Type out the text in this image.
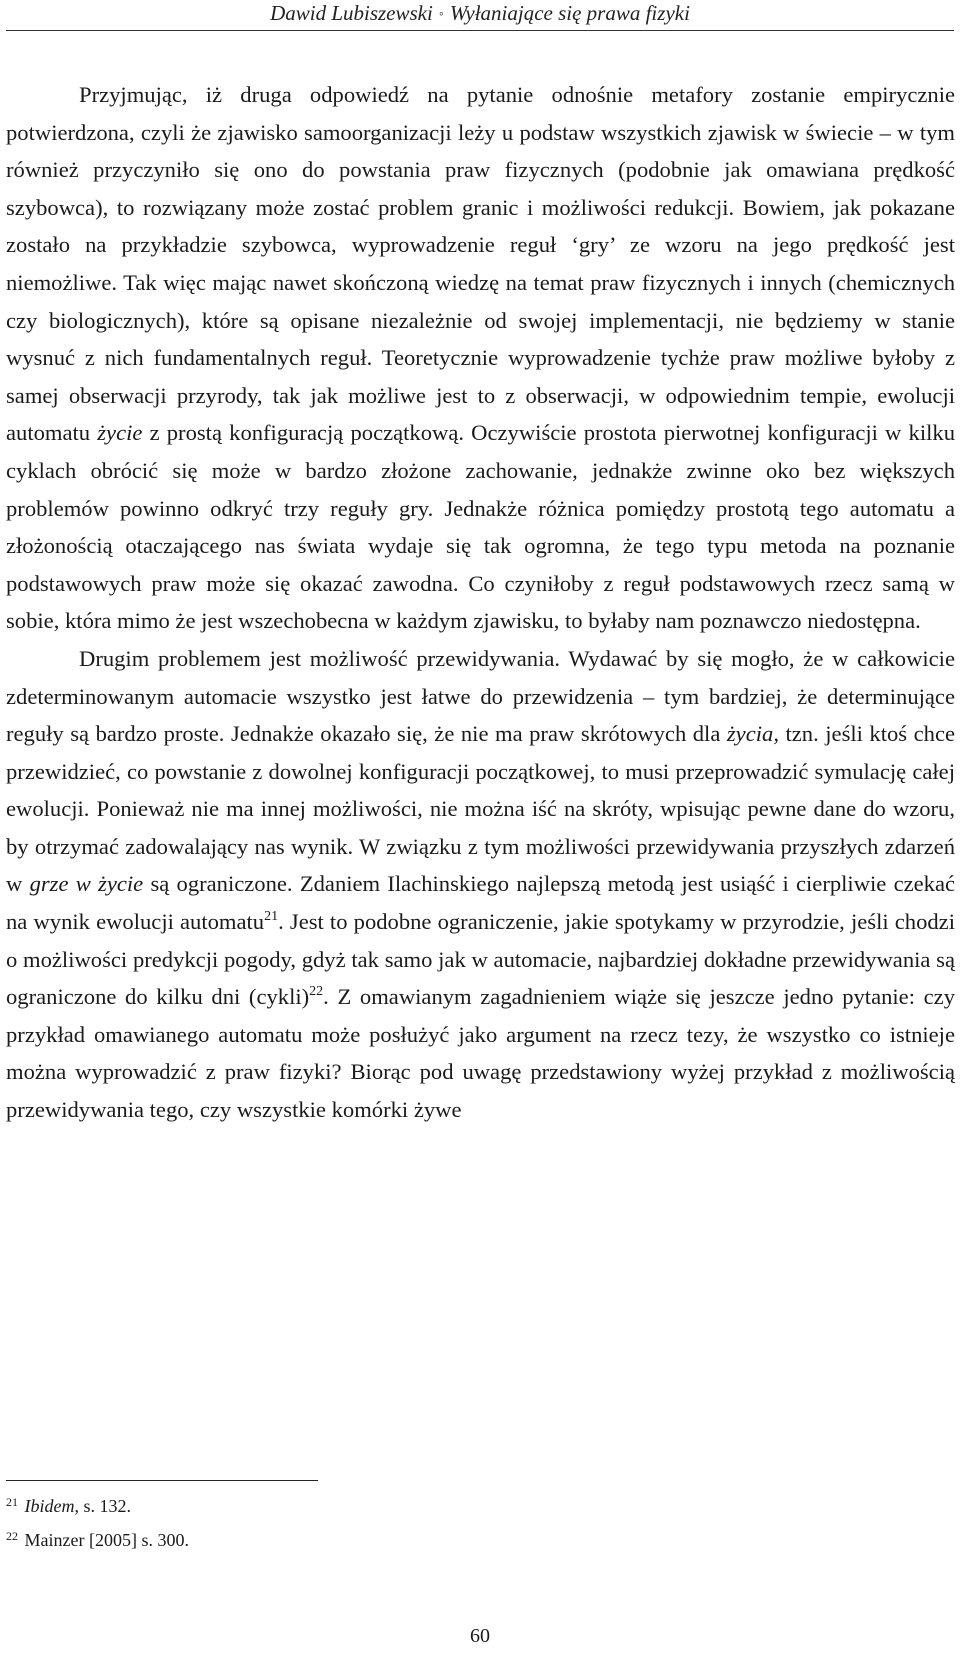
Dawid Lubiszewski ◦ Wyłaniające się prawa fizyki

Przyjmując, iż druga odpowiedź na pytanie odnośnie metafory zostanie empirycznie potwierdzona, czyli że zjawisko samoorganizacji leży u podstaw wszystkich zjawisk w świecie – w tym również przyczyniło się ono do powstania praw fizycznych (podobnie jak omawiana prędkość szybowca), to rozwiązany może zostać problem granic i możliwości redukcji. Bowiem, jak pokazane zostało na przykładzie szybowca, wyprowadzenie reguł ‘gry’ ze wzoru na jego prędkość jest niemożliwe. Tak więc mając nawet skończoną wiedzę na temat praw fizycznych i innych (chemicznych czy biologicznych), które są opisane niezależnie od swojej implementacji, nie będziemy w stanie wysnuć z nich fundamentalnych reguł. Teoretycznie wyprowadzenie tychże praw możliwe byłoby z samej obserwacji przyrody, tak jak możliwe jest to z obserwacji, w odpowiednim tempie, ewolucji automatu życie z prostą konfiguracją początkową. Oczywiście prostota pierwotnej konfiguracji w kilku cyklach obrócić się może w bardzo złożone zachowanie, jednakże zwinne oko bez większych problemów powinno odkryć trzy reguły gry. Jednakże różnica pomiędzy prostotą tego automatu a złożonością otaczającego nas świata wydaje się tak ogromna, że tego typu metoda na poznanie podstawowych praw może się okazać zawodna. Co czyniłoby z reguł podstawowych rzecz samą w sobie, która mimo że jest wszechobecna w każdym zjawisku, to byłaby nam poznawczo niedostępna.

Drugim problemem jest możliwość przewidywania. Wydawać by się mogło, że w całkowicie zdeterminowanym automacie wszystko jest łatwe do przewidzenia – tym bardziej, że determinujące reguły są bardzo proste. Jednakże okazało się, że nie ma praw skrótowych dla życia, tzn. jeśli ktoś chce przewidzieć, co powstanie z dowolnej konfiguracji początkowej, to musi przeprowadzić symulację całej ewolucji. Ponieważ nie ma innej możliwości, nie można iść na skróty, wpisując pewne dane do wzoru, by otrzymać zadowalający nas wynik. W związku z tym możliwości przewidywania przyszłych zdarzeń w grze w życie są ograniczone. Zdaniem Ilachinskiego najlepszą metodą jest usiąść i cierpliwie czekać na wynik ewolucji automatu$^{21}$. Jest to podobne ograniczenie, jakie spotykamy w przyrodzie, jeśli chodzi o możliwości predykcji pogody, gdyż tak samo jak w automacie, najbardziej dokładne przewidywania są ograniczone do kilku dni (cykli)$^{22}$. Z omawianym zagadnieniem wiąże się jeszcze jedno pytanie: czy przykład omawianego automatu może posłużyć jako argument na rzecz tezy, że wszystko co istnieje można wyprowadzić z praw fizyki? Biorąc pod uwagę przedstawiony wyżej przykład z możliwością przewidywania tego, czy wszystkie komórki żywe

$^{21}$ Ibidem, s. 132.
$^{22}$ Mainzer [2005] s. 300.
60
